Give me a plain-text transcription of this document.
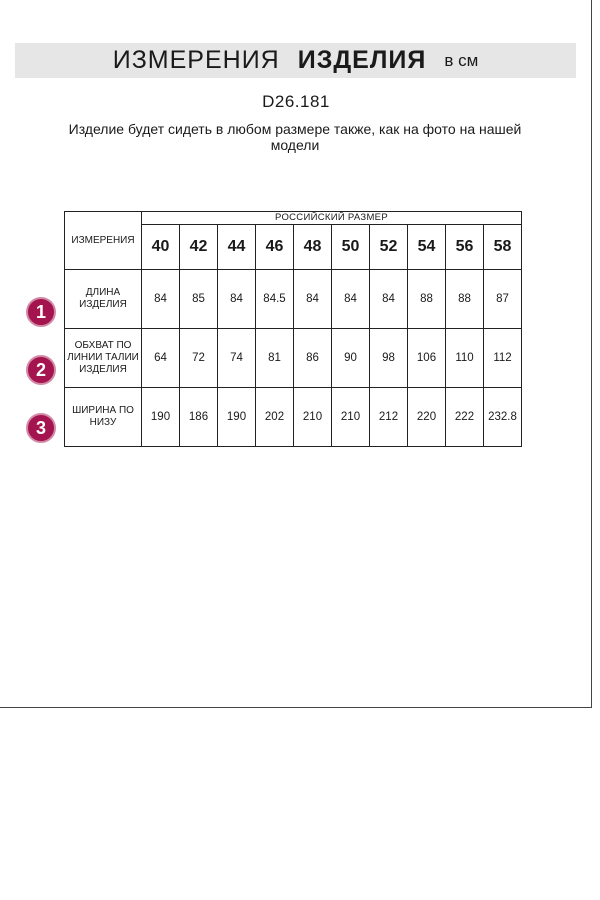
ИЗМЕРЕНИЯ ИЗДЕЛИЯ в см
D26.181
Изделие будет сидеть в любом размере также, как на фото на нашей модели
ИЗМЕРЕНИЯ	РОССИЙСКИЙ РАЗМЕР									
	40	42	44	46	48	50	52	54	56	58
ДЛИНА ИЗДЕЛИЯ	84	85	84	84.5	84	84	84	88	88	87
ОБХВАТ ПО ЛИНИИ ТАЛИИ ИЗДЕЛИЯ	64	72	74	81	86	90	98	106	110	112
ШИРИНА ПО НИЗУ	190	186	190	202	210	210	212	220	222	232.8
1
2
3
